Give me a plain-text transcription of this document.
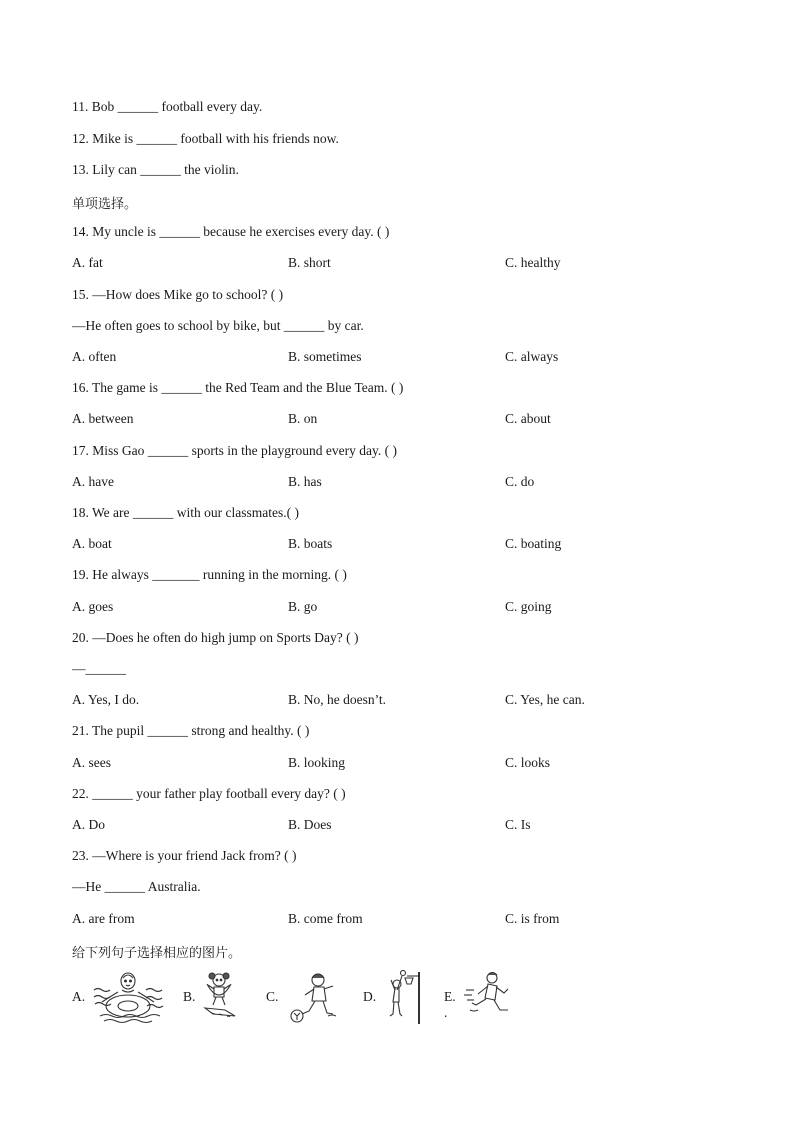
11. Bob ______ football every day.
12. Mike is ______ football with his friends now.
13. Lily can ______ the violin.
单项选择。
14. My uncle is ______ because he exercises every day. ( )
A. fat	B. short	C. healthy
15. —How does Mike go to school? ( )
—He often goes to school by bike, but ______ by car.
A. often	B. sometimes	C. always
16. The game is ______ the Red Team and the Blue Team. ( )
A. between	B. on	C. about
17. Miss Gao ______ sports in the playground every day. ( )
A. have	B. has	C. do
18. We are ______ with our classmates.( )
A. boat	B. boats	C. boating
19. He always _______ running in the morning. ( )
A. goes	B. go	C. going
20. —Does he often do high jump on Sports Day? ( )
—______
A. Yes, I do.	B. No, he doesn’t.	C. Yes, he can.
21. The pupil ______ strong and healthy. ( )
A. sees	B. looking	C. looks
22. ______ your father play football every day? ( )
A. Do	B. Does	C. Is
23. —Where is your friend Jack from? ( )
—He ______ Australia.
A. are from	B. come from	C. is from
给下列句子选择相应的图片。
A.	B.	C.	D.	E. .
